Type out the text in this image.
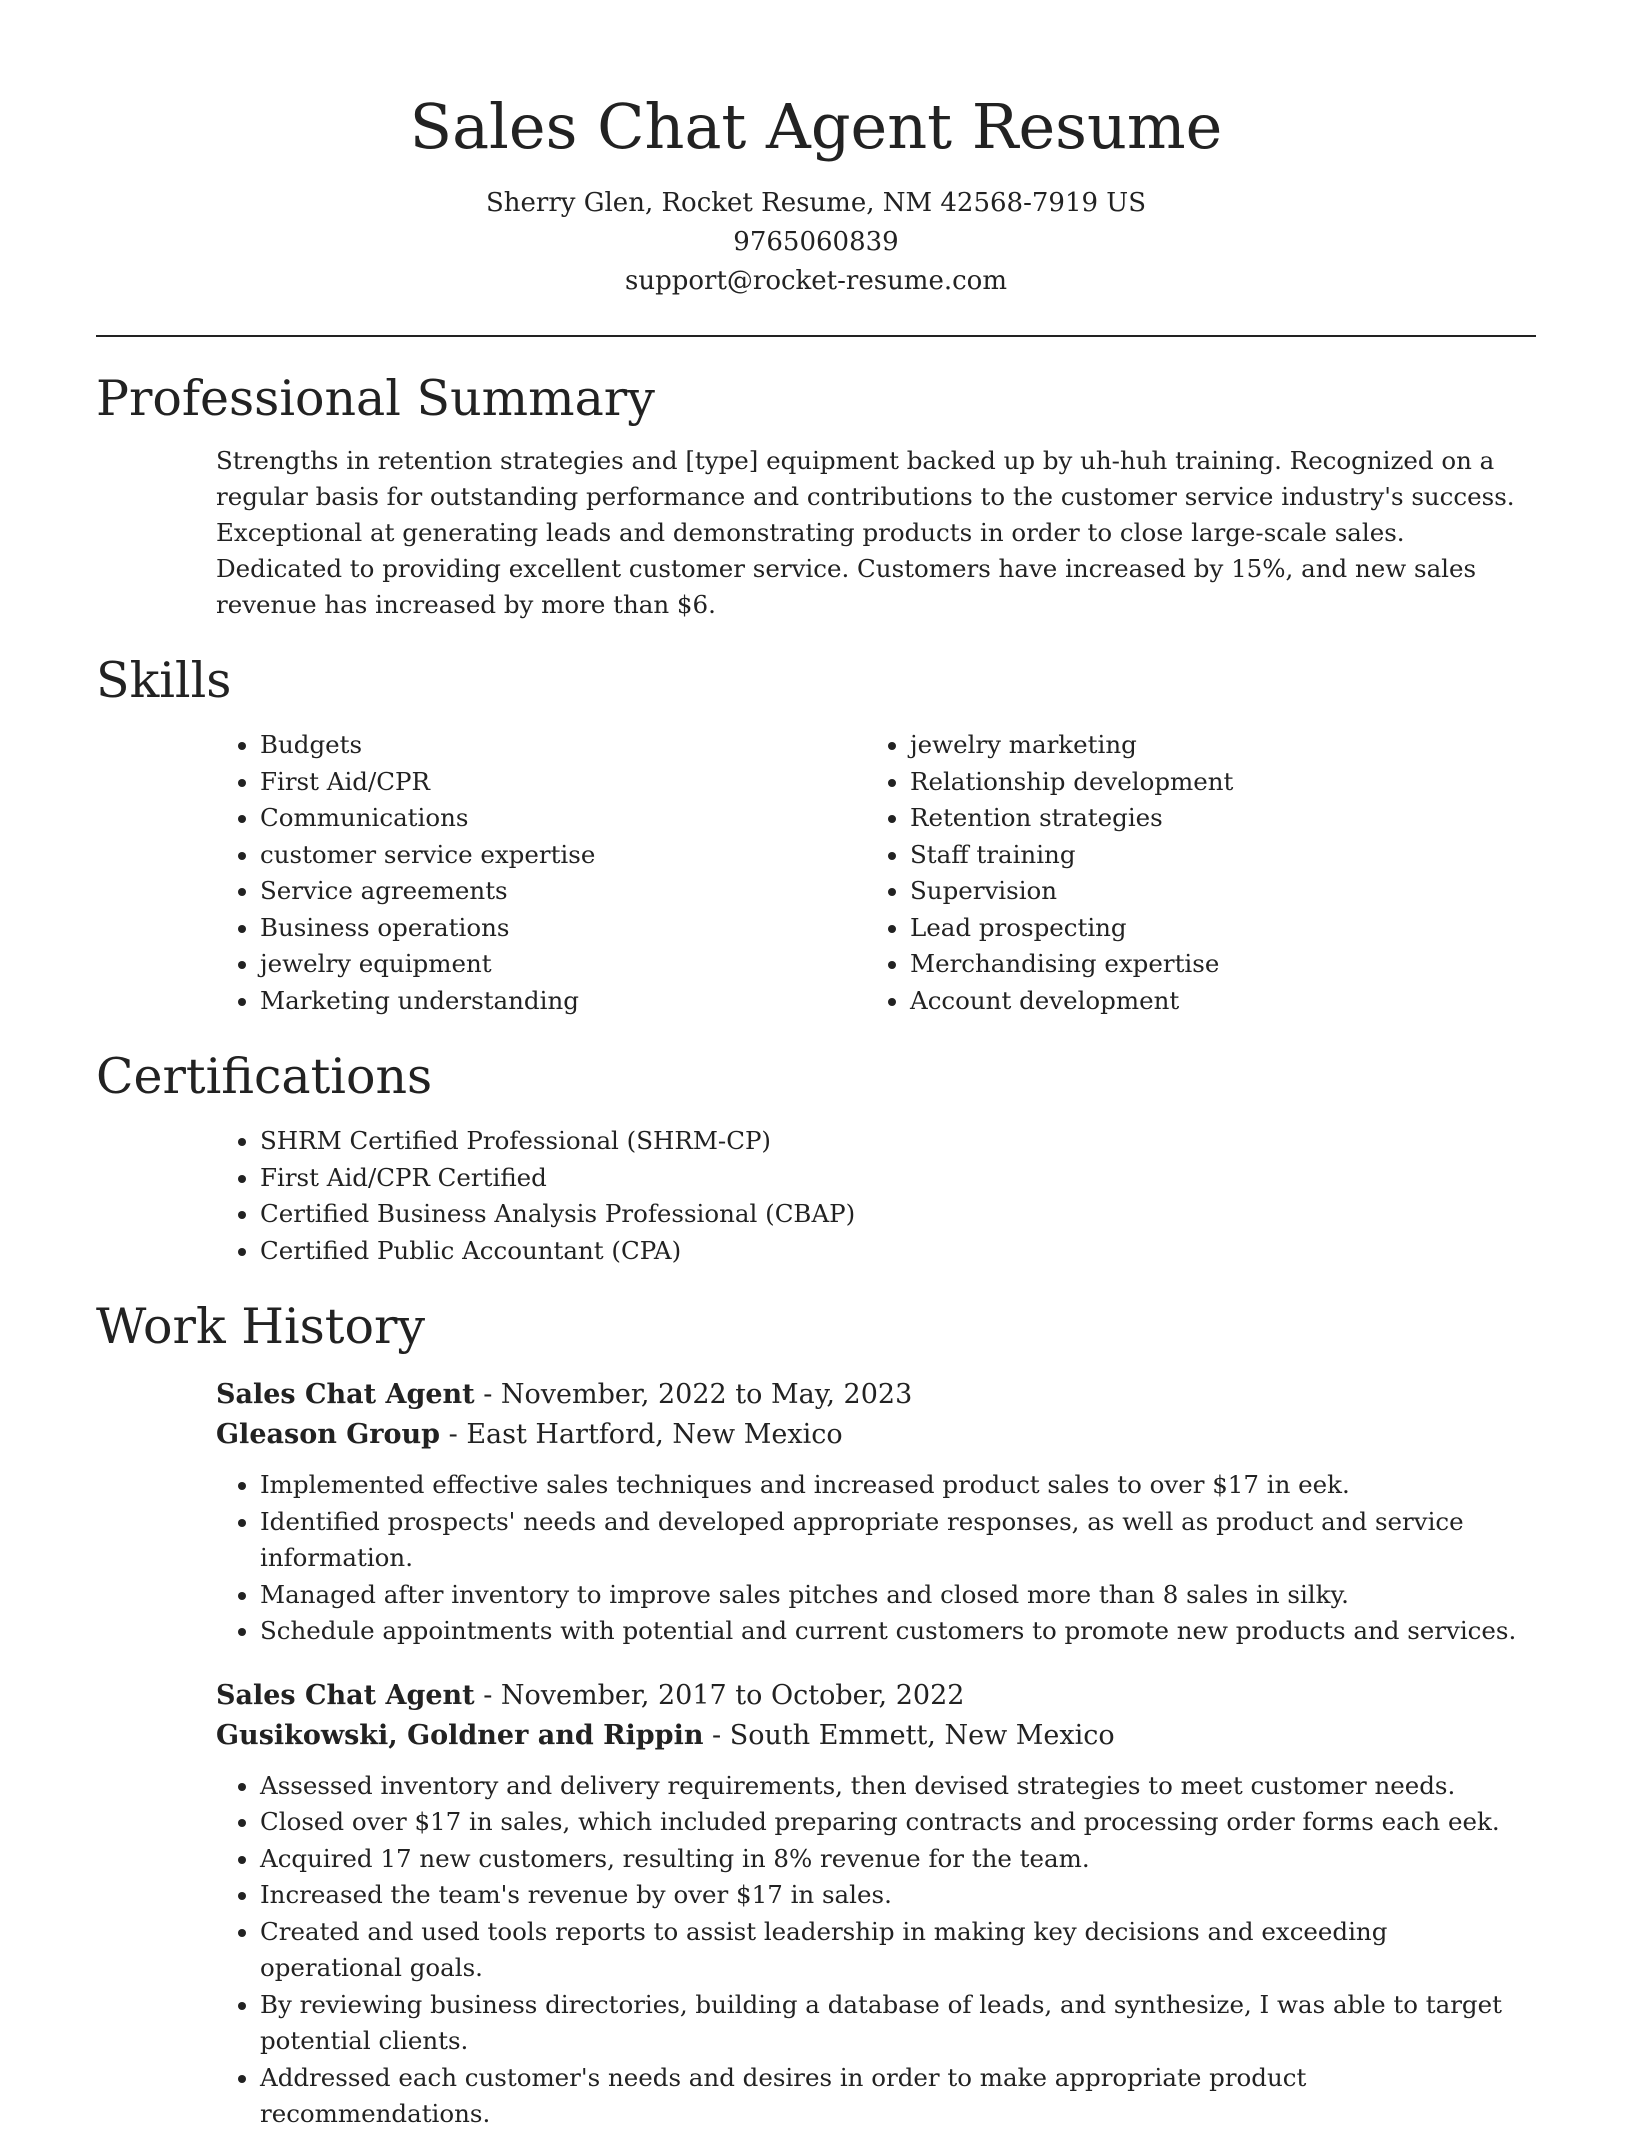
Sales Chat Agent Resume
Sherry Glen, Rocket Resume, NM 42568-7919 US
9765060839
support@rocket-resume.com
Professional Summary
Strengths in retention strategies and [type] equipment backed up by uh-huh training. Recognized on a regular basis for outstanding performance and contributions to the customer service industry's success. Exceptional at generating leads and demonstrating products in order to close large-scale sales. Dedicated to providing excellent customer service. Customers have increased by 15%, and new sales revenue has increased by more than $6.
Skills
• Budgets
• First Aid/CPR
• Communications
• customer service expertise
• Service agreements
• Business operations
• jewelry equipment
• Marketing understanding
• jewelry marketing
• Relationship development
• Retention strategies
• Staff training
• Supervision
• Lead prospecting
• Merchandising expertise
• Account development
Certifications
• SHRM Certified Professional (SHRM-CP)
• First Aid/CPR Certified
• Certified Business Analysis Professional (CBAP)
• Certified Public Accountant (CPA)
Work History
Sales Chat Agent - November, 2022 to May, 2023
Gleason Group - East Hartford, New Mexico
• Implemented effective sales techniques and increased product sales to over $17 in eek.
• Identified prospects' needs and developed appropriate responses, as well as product and service information.
• Managed after inventory to improve sales pitches and closed more than 8 sales in silky.
• Schedule appointments with potential and current customers to promote new products and services.
Sales Chat Agent - November, 2017 to October, 2022
Gusikowski, Goldner and Rippin - South Emmett, New Mexico
• Assessed inventory and delivery requirements, then devised strategies to meet customer needs.
• Closed over $17 in sales, which included preparing contracts and processing order forms each eek.
• Acquired 17 new customers, resulting in 8% revenue for the team.
• Increased the team's revenue by over $17 in sales.
• Created and used tools reports to assist leadership in making key decisions and exceeding operational goals.
• By reviewing business directories, building a database of leads, and synthesize, I was able to target potential clients.
• Addressed each customer's needs and desires in order to make appropriate product recommendations.
